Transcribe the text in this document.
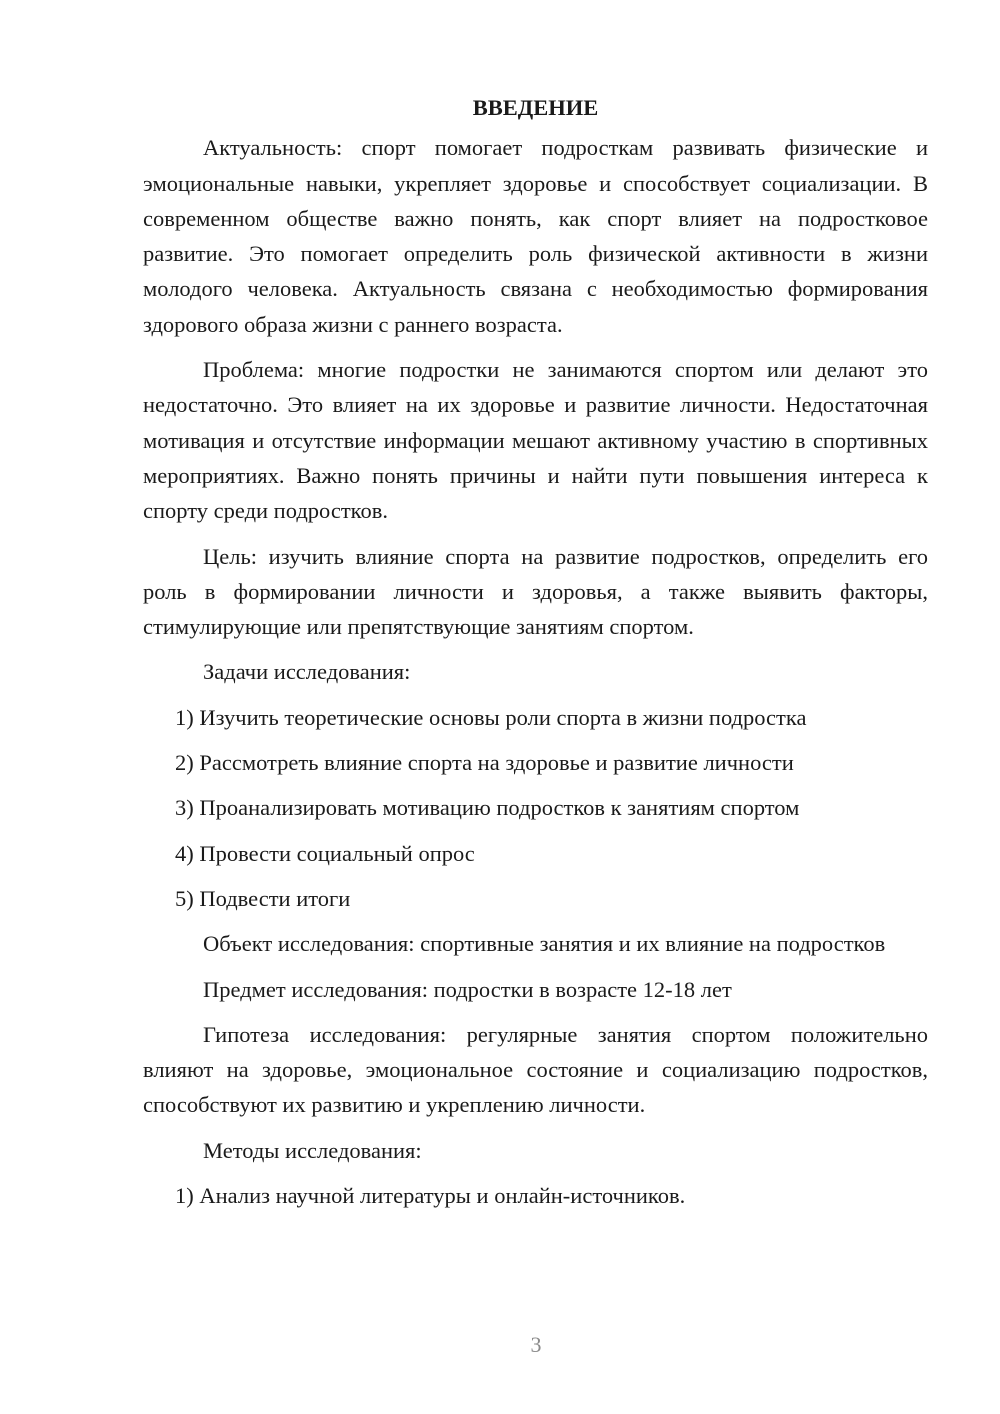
ВВЕДЕНИЕ

Актуальность: спорт помогает подросткам развивать физические и эмоциональные навыки, укрепляет здоровье и способствует социализации. В современном обществе важно понять, как спорт влияет на подростковое развитие. Это помогает определить роль физической активности в жизни молодого человека. Актуальность связана с необходимостью формирования здорового образа жизни с раннего возраста.

Проблема: многие подростки не занимаются спортом или делают это недостаточно. Это влияет на их здоровье и развитие личности. Недостаточная мотивация и отсутствие информации мешают активному участию в спортивных мероприятиях. Важно понять причины и найти пути повышения интереса к спорту среди подростков.

Цель: изучить влияние спорта на развитие подростков, определить его роль в формировании личности и здоровья, а также выявить факторы, стимулирующие или препятствующие занятиям спортом.

Задачи исследования:

1) Изучить теоретические основы роли спорта в жизни подростка

2) Рассмотреть влияние спорта на здоровье и развитие личности

3) Проанализировать мотивацию подростков к занятиям спортом

4) Провести социальный опрос

5) Подвести итоги

Объект исследования: спортивные занятия и их влияние на подростков

Предмет исследования: подростки в возрасте 12-18 лет

Гипотеза исследования: регулярные занятия спортом положительно влияют на здоровье, эмоциональное состояние и социализацию подростков, способствуют их развитию и укреплению личности.

Методы исследования:

1) Анализ научной литературы и онлайн-источников.

3
